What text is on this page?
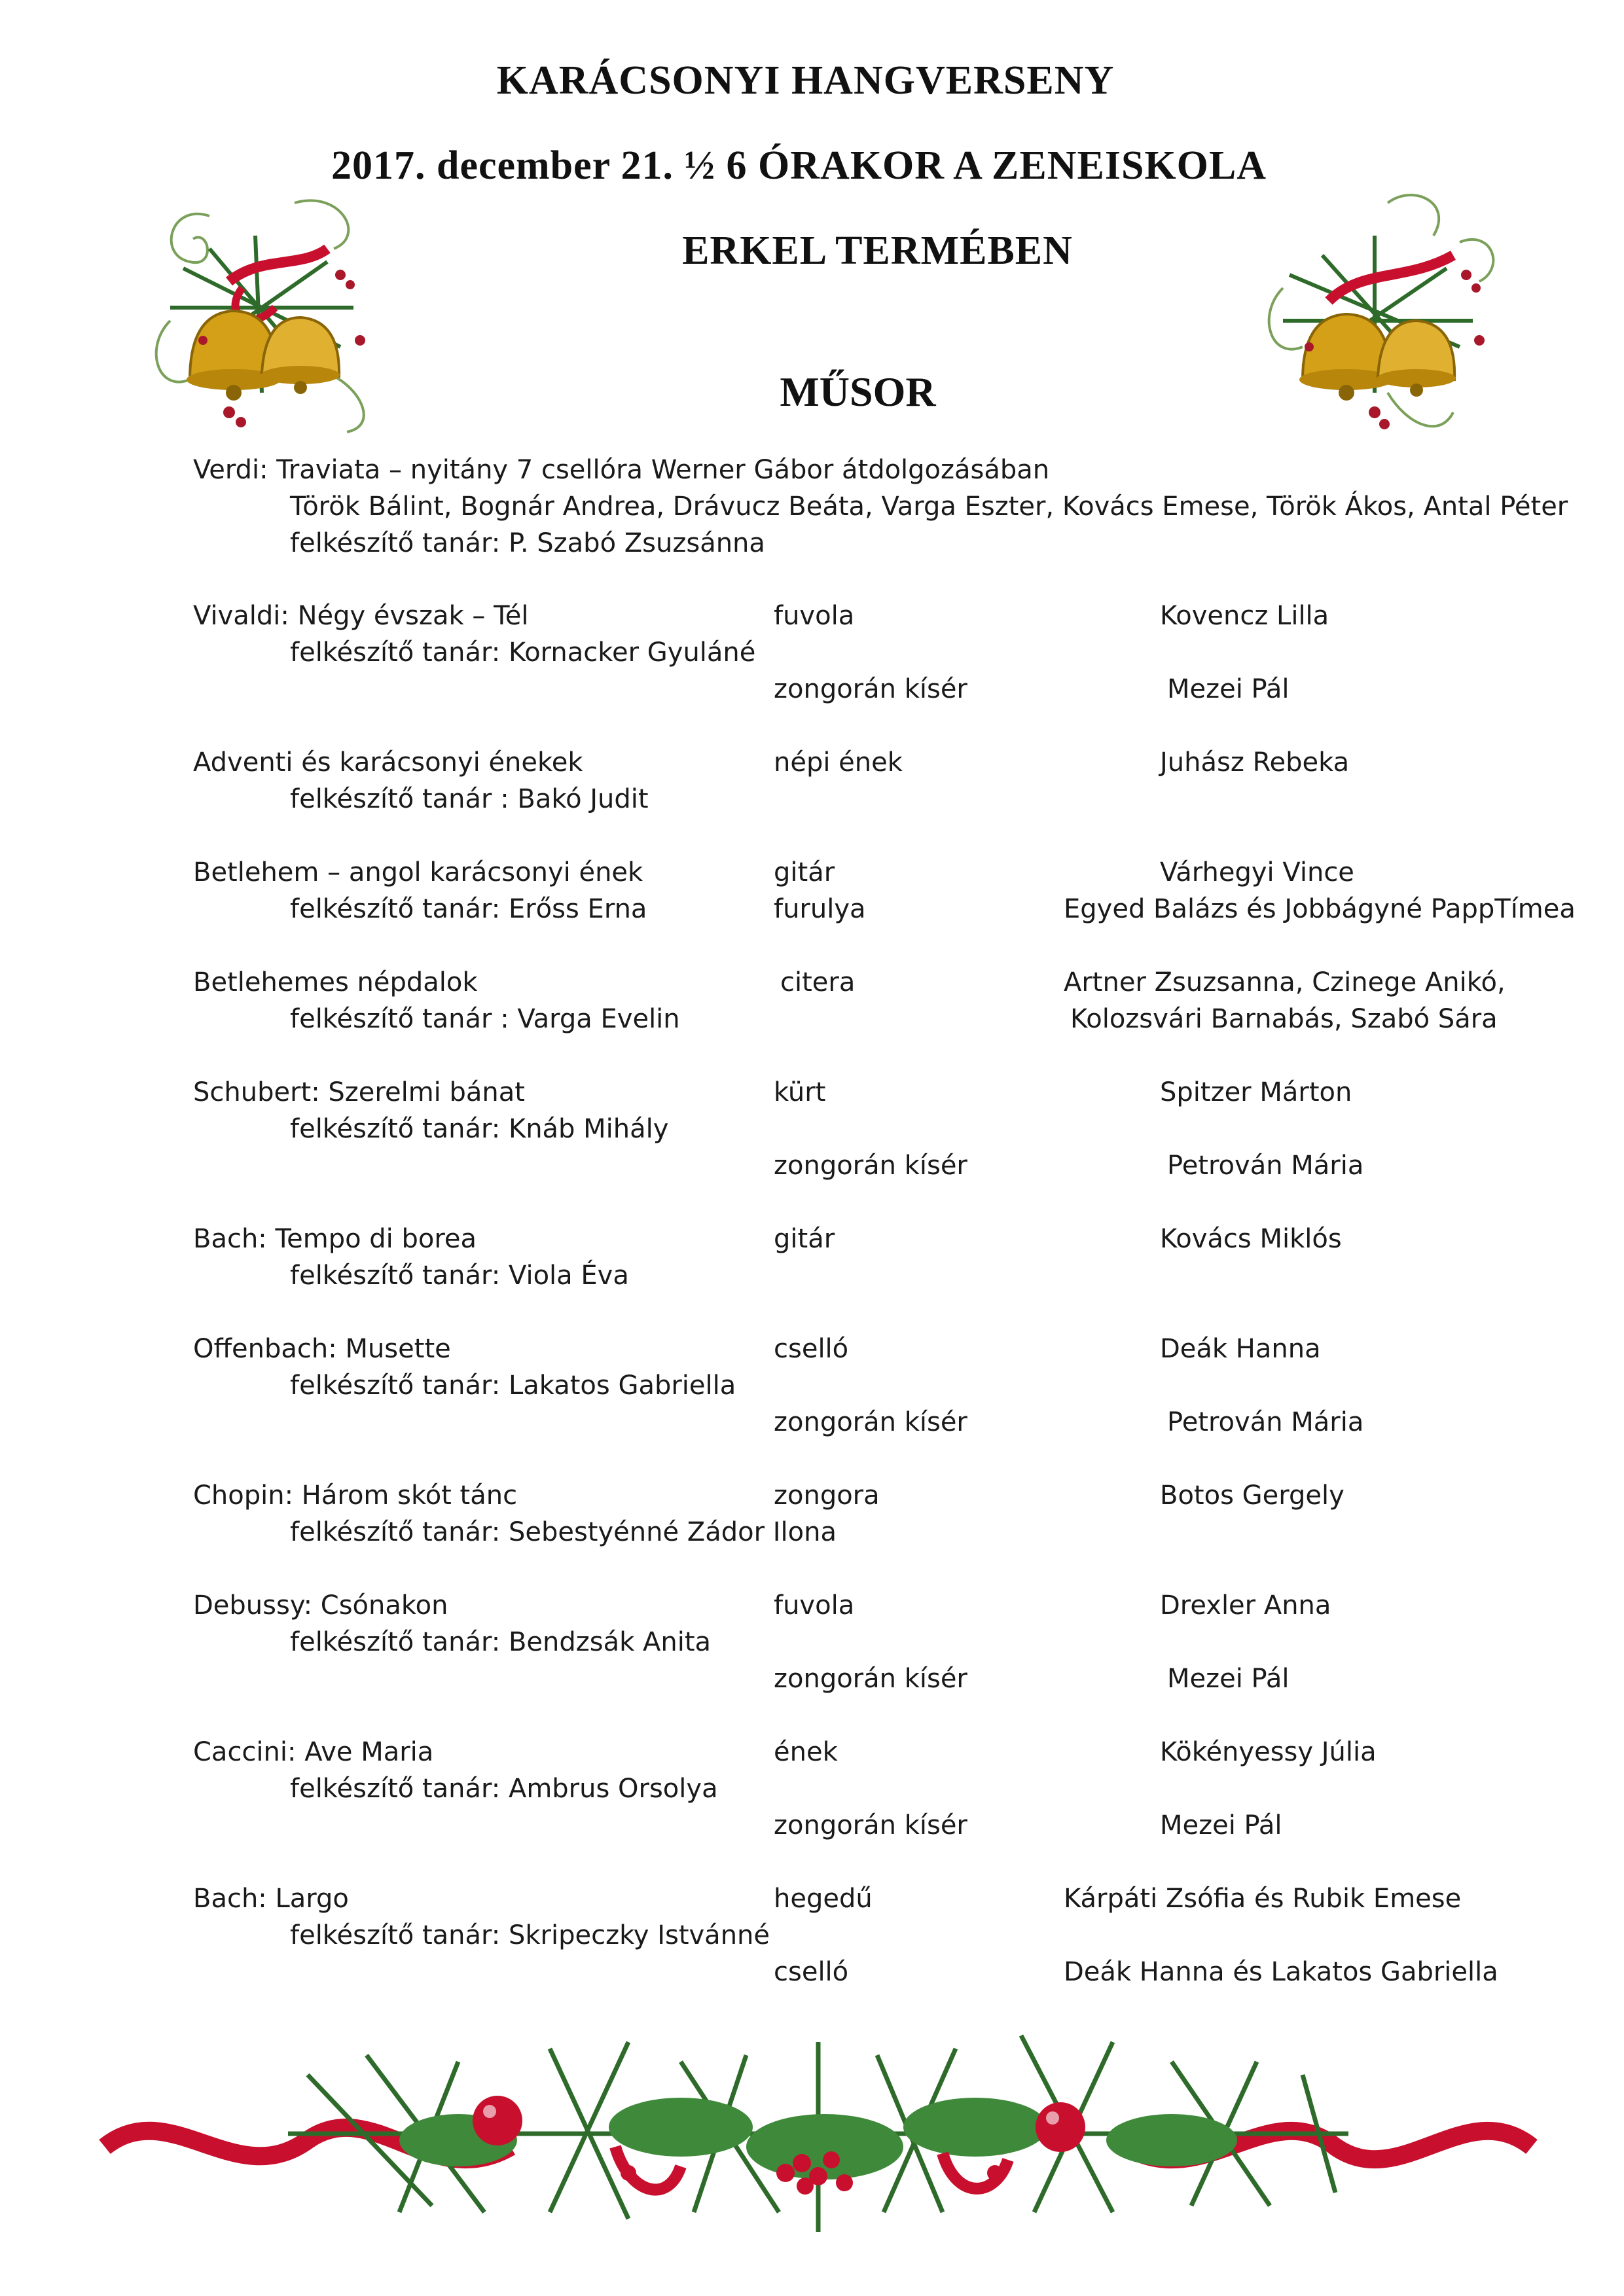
KARÁCSONYI HANGVERSENY
2017. december 21. ½ 6 ÓRAKOR A ZENEISKOLA
ERKEL TERMÉBEN
MŰSOR
Verdi: Traviata – nyitány 7 csellóra Werner Gábor átdolgozásában
Török Bálint, Bognár Andrea, Drávucz Beáta, Varga Eszter, Kovács Emese, Török Ákos, Antal Péter
felkészítő tanár: P. Szabó Zsuzsánna
Vivaldi: Négy évszak – Tél
felkészítő tanár: Kornacker Gyuláné
fuvola	Kovencz Lilla
zongorán kísér	Mezei Pál
Adventi és karácsonyi énekek
felkészítő tanár : Bakó Judit
népi ének	Juhász Rebeka
Betlehem – angol karácsonyi ének
felkészítő tanár: Erőss Erna
gitár	Várhegyi Vince
furulya	Egyed Balázs és Jobbágyné PappTímea
Betlehemes népdalok
felkészítő tanár : Varga Evelin
citera	Artner Zsuzsanna, Czinege Anikó,
Kolozsvári Barnabás, Szabó Sára
Schubert: Szerelmi bánat
felkészítő tanár: Knáb Mihály
kürt	Spitzer Márton
zongorán kísér	Petrován Mária
Bach: Tempo di borea
felkészítő tanár: Viola Éva
gitár	Kovács Miklós
Offenbach: Musette
felkészítő tanár: Lakatos Gabriella
cselló	Deák Hanna
zongorán kísér	Petrován Mária
Chopin: Három skót tánc
felkészítő tanár: Sebestyénné Zádor Ilona
zongora	Botos Gergely
Debussy: Csónakon
felkészítő tanár: Bendzsák Anita
fuvola	Drexler Anna
zongorán kísér	Mezei Pál
Caccini: Ave Maria
felkészítő tanár: Ambrus Orsolya
ének	Kökényessy Júlia
zongorán kísér	Mezei Pál
Bach: Largo
felkészítő tanár: Skripeczky Istvánné
hegedű	Kárpáti Zsófia és Rubik Emese
cselló	Deák Hanna és Lakatos Gabriella
